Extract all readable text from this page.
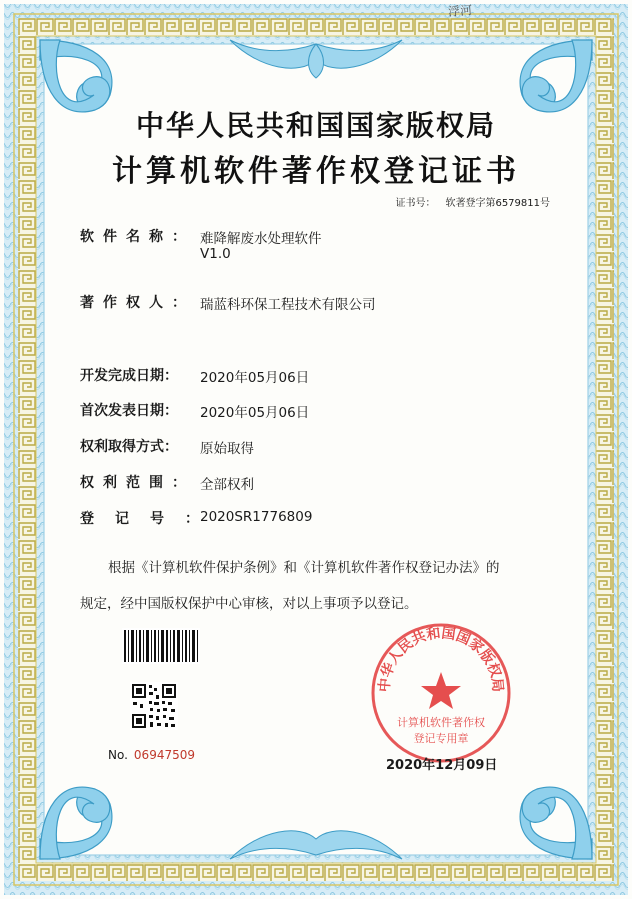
浮河
中华人民共和国国家版权局
计算机软件著作权登记证书
证书号： 软著登字第6579811号
软件名称： 难降解废水处理软件
V1.0
著作权人： 瑞蓝科环保工程技术有限公司
开发完成日期： 2020年05月06日
首次发表日期： 2020年05月06日
权利取得方式： 原始取得
权利范围： 全部权利
登记号：
2020SR1776809
根据《计算机软件保护条例》和《计算机软件著作权登记办法》的
规定，经中国版权保护中心审核，对以上事项予以登记。
No. 06947509
中华人民共和国国家版权局
计算机软件著作权
登记专用章
2020年12月09日
